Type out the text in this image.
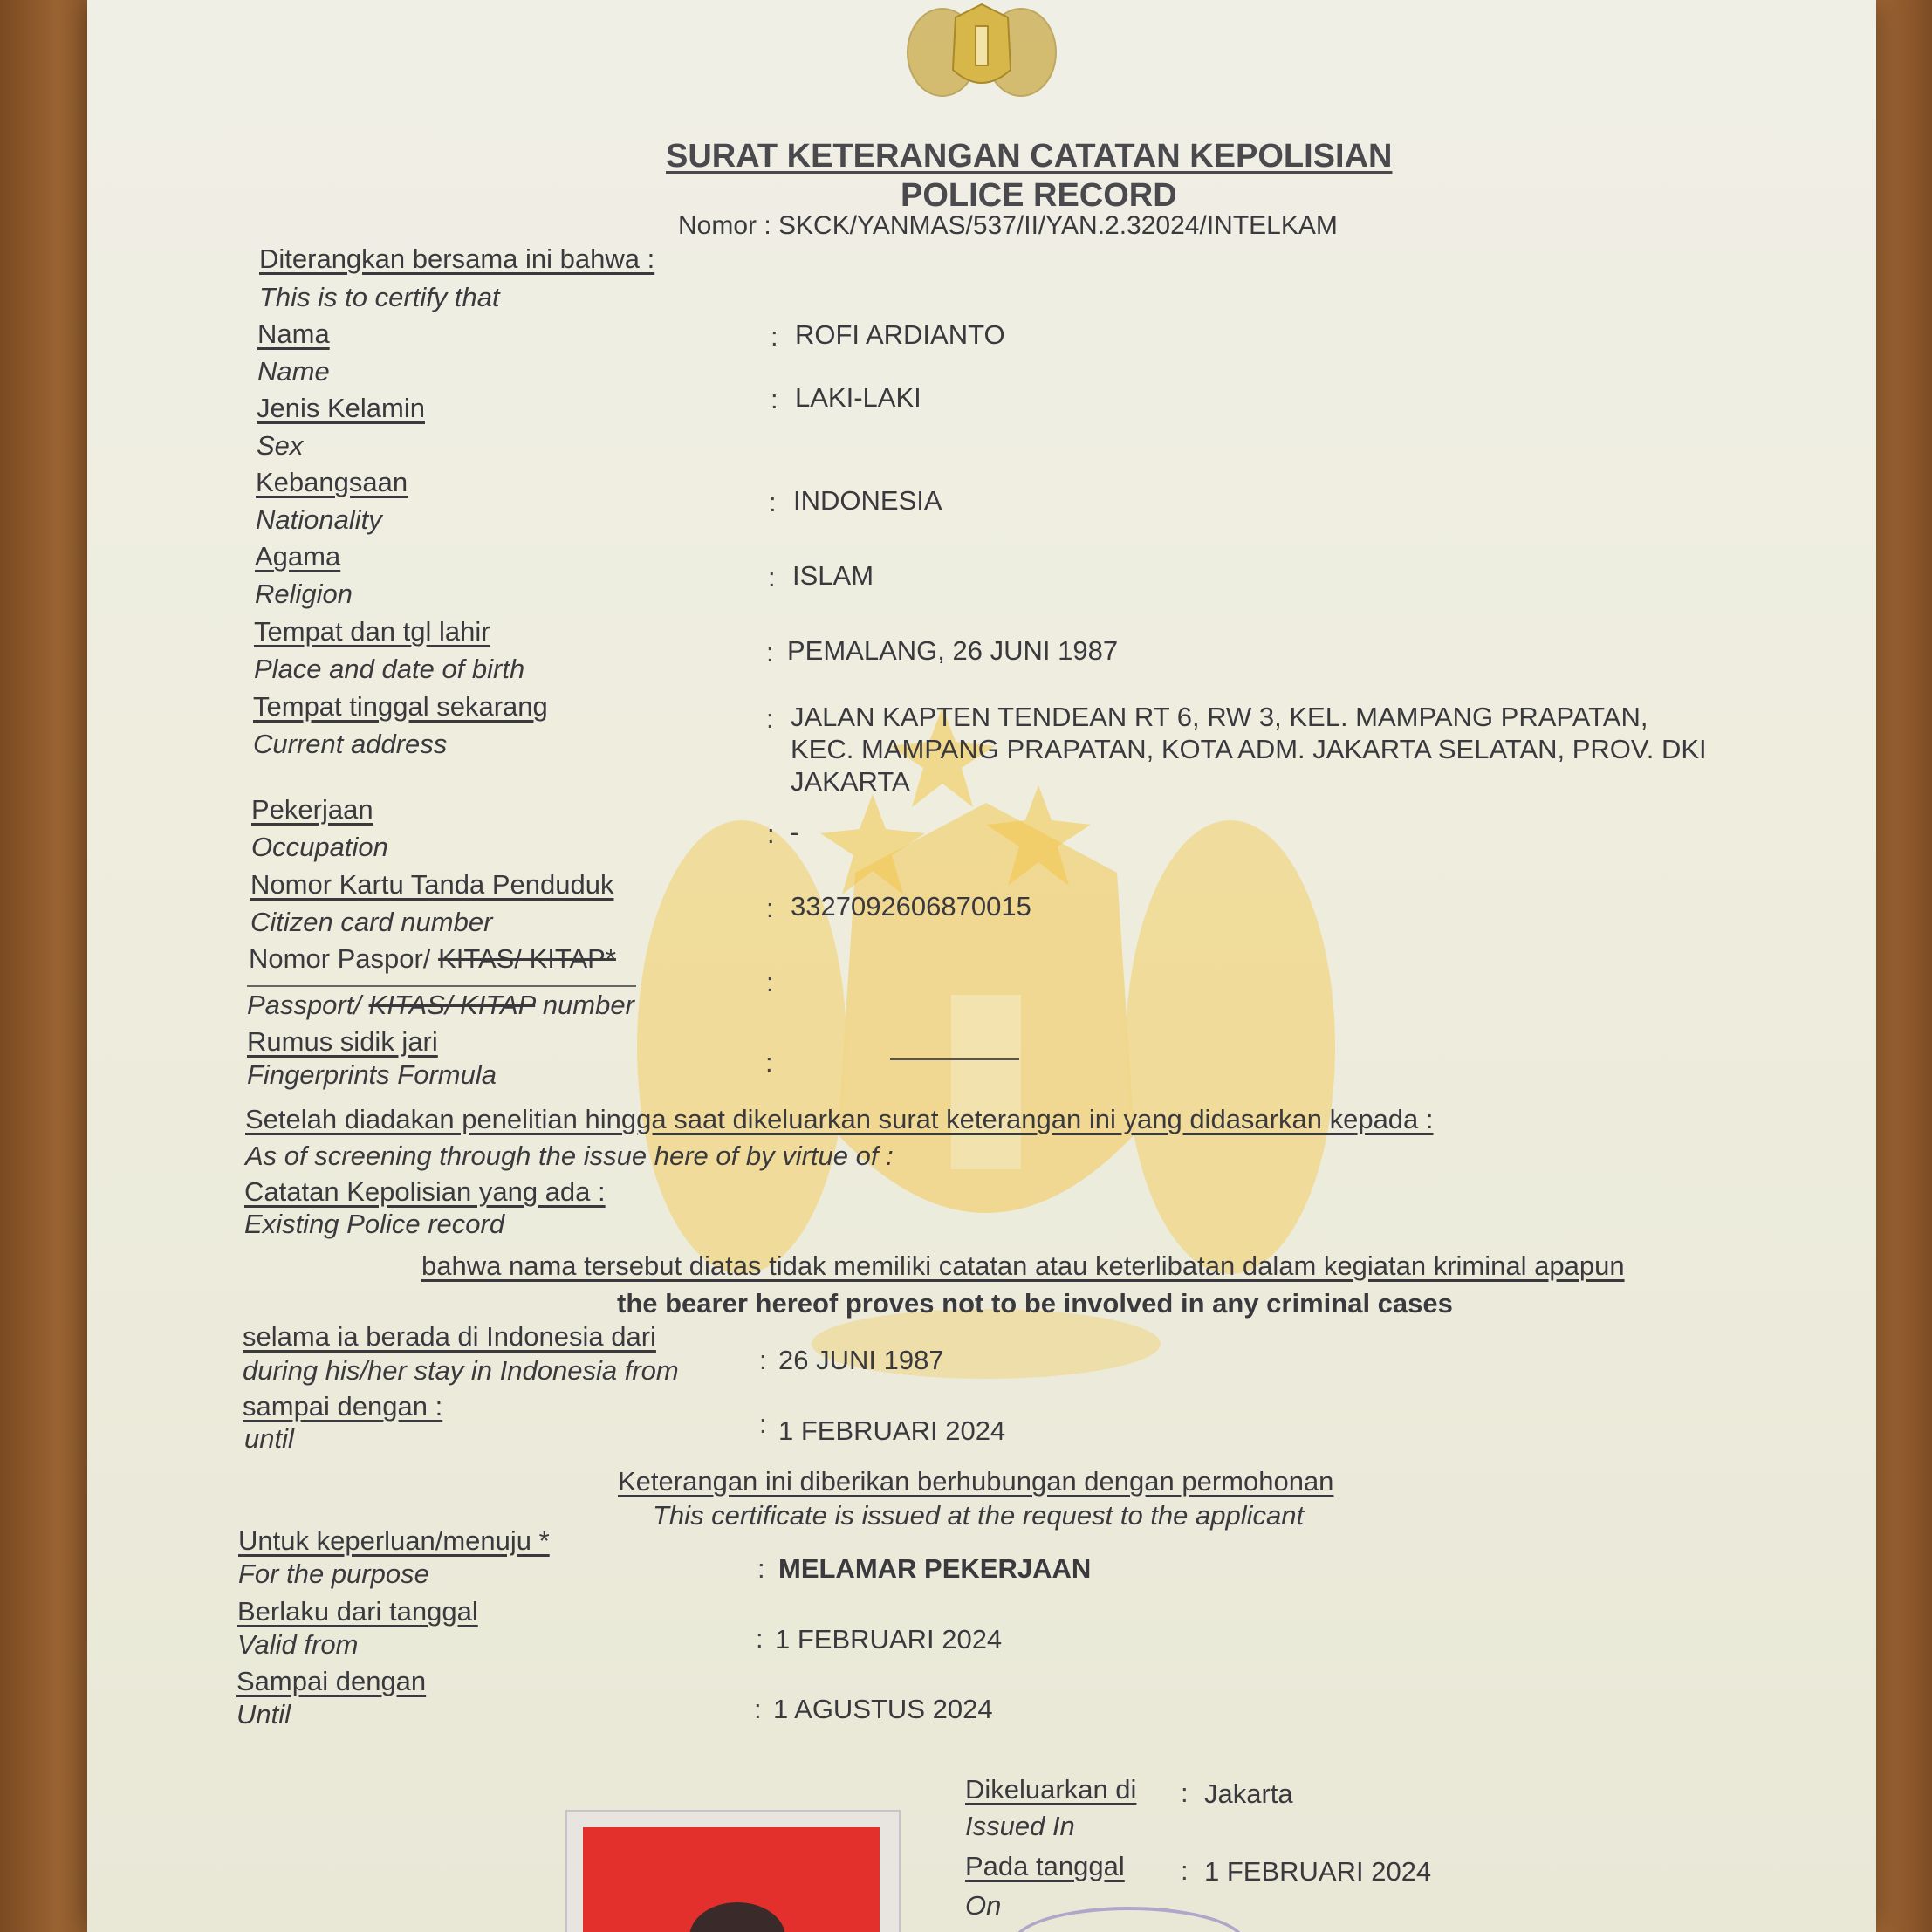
SURAT KETERANGAN CATATAN KEPOLISIAN
POLICE RECORD
Nomor : SKCK/YANMAS/537/II/YAN.2.32024/INTELKAM
Diterangkan bersama ini bahwa :
This is to certify that
Nama
Name
: ROFI ARDIANTO
Jenis Kelamin
Sex
: LAKI-LAKI
Kebangsaan
Nationality
: INDONESIA
Agama
Religion
: ISLAM
Tempat dan tgl lahir
Place and date of birth
: PEMALANG, 26 JUNI 1987
Tempat tinggal sekarang
Current address
: JALAN KAPTEN TENDEAN RT 6, RW 3, KEL. MAMPANG PRAPATAN,
KEC. MAMPANG PRAPATAN, KOTA ADM. JAKARTA SELATAN, PROV. DKI
JAKARTA
Pekerjaan
Occupation	: -
Nomor Kartu Tanda Penduduk
Citizen card number	: 3327092606870015
Nomor Paspor/ KITAS/ KITAP*
Passport/ KITAS/ KITAP number
:
Rumus sidik jari
Fingerprints Formula	:
Setelah diadakan penelitian hingga saat dikeluarkan surat keterangan ini yang didasarkan kepada :
As of screening through the issue here of by virtue of :
Catatan Kepolisian yang ada :
Existing Police record
bahwa nama tersebut diatas tidak memiliki catatan atau keterlibatan dalam kegiatan kriminal apapun
the bearer hereof proves not to be involved in any criminal cases
selama ia berada di Indonesia dari
during his/her stay in Indonesia from	: 26 JUNI 1987
sampai dengan :
until	: 1 FEBRUARI 2024
Keterangan ini diberikan berhubungan dengan permohonan
This certificate is issued at the request to the applicant
Untuk keperluan/menuju *
For the purpose	: MELAMAR PEKERJAAN
Berlaku dari tanggal
Valid from	: 1 FEBRUARI 2024
Sampai dengan
Until	: 1 AGUSTUS 2024
Dikeluarkan di
Issued In
: Jakarta
Pada tanggal
On
: 1 FEBRUARI 2024
